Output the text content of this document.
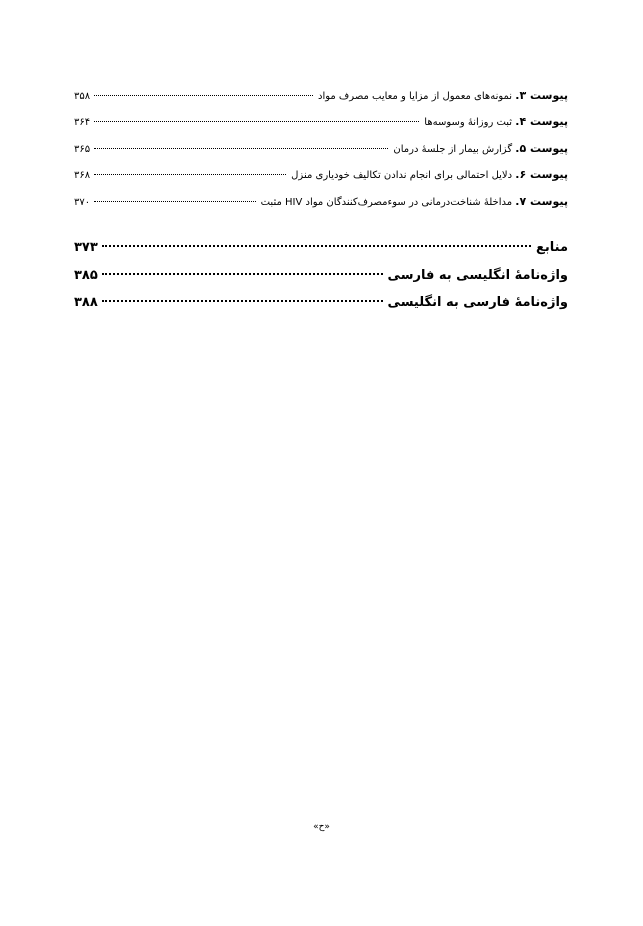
پیوست ۳. نمونه‌های معمول از مزایا و معایب مصرف مواد
۳۵۸
پیوست ۴. ثبت روزانهٔ وسوسه‌ها
۳۶۴
پیوست ۵. گزارش بیمار از جلسهٔ درمان
۳۶۵
پیوست ۶. دلایل احتمالی برای انجام ندادن تکالیف خودیاری منزل
۳۶۸
پیوست ۷. مداخلهٔ شناخت‌درمانی در سوءمصرف‌کنندگان مواد HIV مثبت
۳۷۰
منابع
۳۷۳
واژه‌نامهٔ انگلیسی به فارسی
۳۸۵
واژه‌نامهٔ فارسی به انگلیسی
۳۸۸
«ح»
